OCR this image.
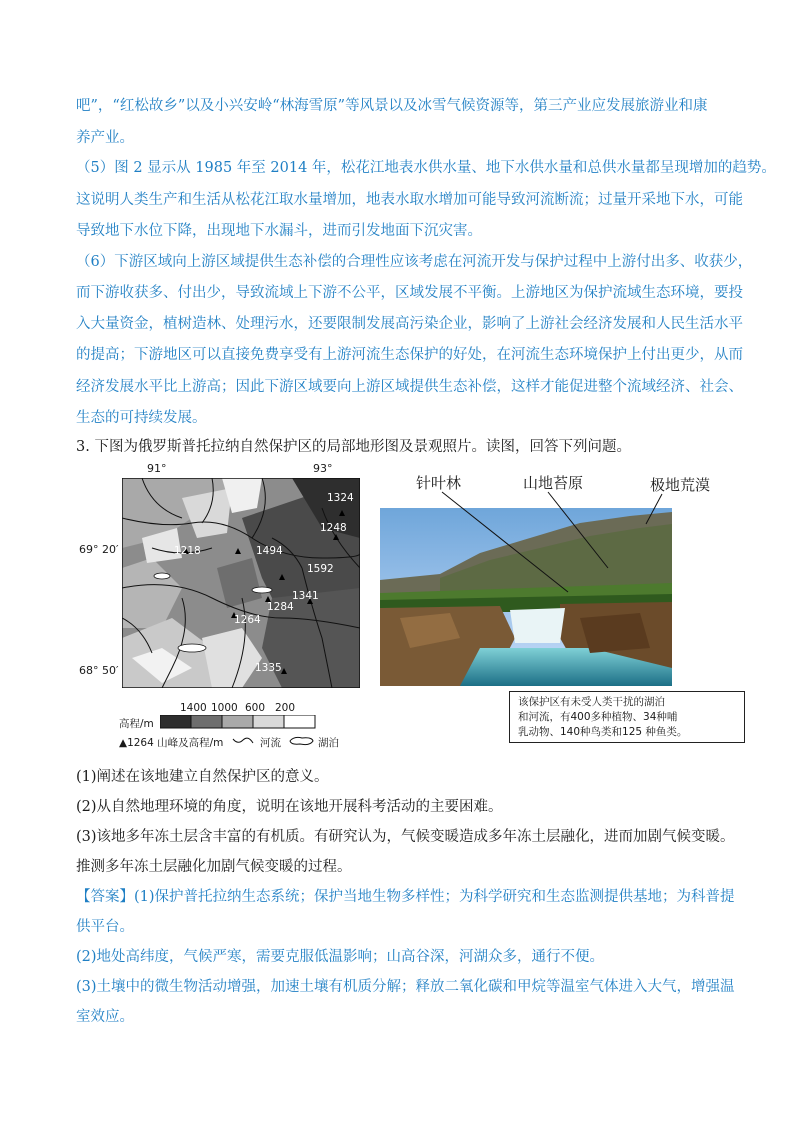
吧”，“红松故乡”以及小兴安岭“林海雪原”等风景以及冰雪气候资源等，第三产业应发展旅游业和康
养产业。
（5）图 2 显示从 1985 年至 2014 年，松花江地表水供水量、地下水供水量和总供水量都呈现增加的趋势。
这说明人类生产和生活从松花江取水量增加，地表水取水增加可能导致河流断流；过量开采地下水，可能
导致地下水位下降，出现地下水漏斗，进而引发地面下沉灾害。
（6）下游区域向上游区域提供生态补偿的合理性应该考虑在河流开发与保护过程中上游付出多、收获少，
而下游收获多、付出少，导致流域上下游不公平，区域发展不平衡。上游地区为保护流域生态环境，要投
入大量资金，植树造林、处理污水，还要限制发展高污染企业，影响了上游社会经济发展和人民生活水平
的提高；下游地区可以直接免费享受有上游河流生态保护的好处，在河流生态环境保护上付出更少，从而
经济发展水平比上游高；因此下游区域要向上游区域提供生态补偿，这样才能促进整个流域经济、社会、
生态的可持续发展。
3. 下图为俄罗斯普托拉纳自然保护区的局部地形图及景观照片。读图，回答下列问题。
91°	93°
69° 20′
68° 50′
1324
1248
1218	1494
1592
1341
1284
1264
1335
1400 1000 600 200
高程/m
▲1264 山峰及高程/m	河流	湖泊
针叶林	山地苔原	极地荒漠
该保护区有未受人类干扰的湖泊
和河流，有400多种植物、34种哺
乳动物、140种鸟类和125 种鱼类。
(1)阐述在该地建立自然保护区的意义。
(2)从自然地理环境的角度，说明在该地开展科考活动的主要困难。
(3)该地多年冻土层含丰富的有机质。有研究认为，气候变暖造成多年冻土层融化，进而加剧气候变暖。
推测多年冻土层融化加剧气候变暖的过程。
【答案】(1)保护普托拉纳生态系统；保护当地生物多样性；为科学研究和生态监测提供基地；为科普提
供平台。
(2)地处高纬度，气候严寒，需要克服低温影响；山高谷深，河湖众多，通行不便。
(3)土壤中的微生物活动增强，加速土壤有机质分解；释放二氧化碳和甲烷等温室气体进入大气，增强温
室效应。
